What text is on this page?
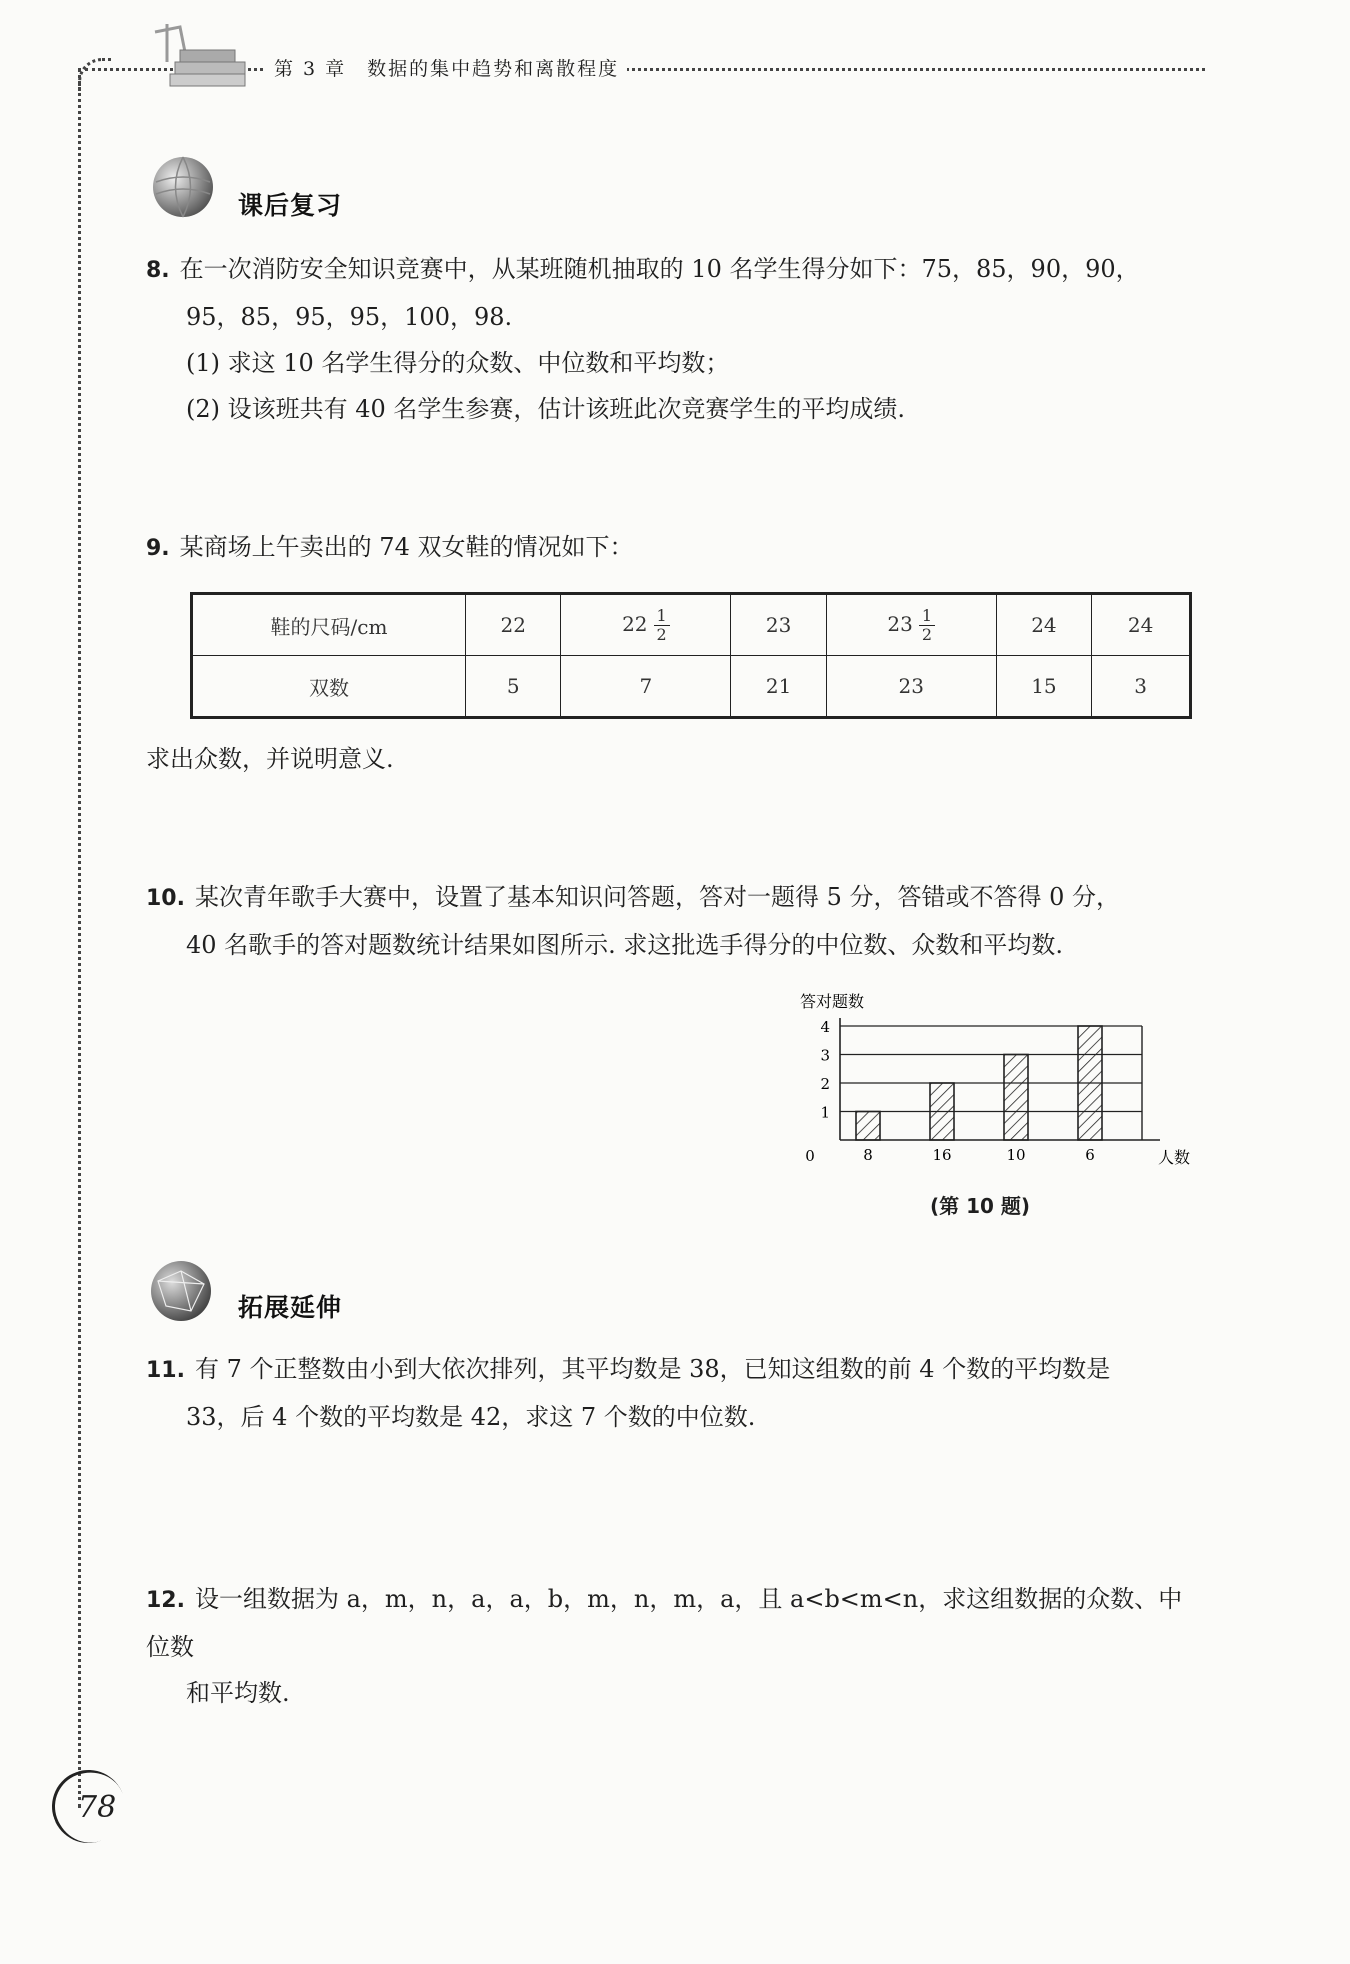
第 3 章　数据的集中趋势和离散程度
课后复习
8. 在一次消防安全知识竞赛中，从某班随机抽取的 10 名学生得分如下：75，85，90，90，
95，85，95，95，100，98.
(1) 求这 10 名学生得分的众数、中位数和平均数；
(2) 设该班共有 40 名学生参赛，估计该班此次竞赛学生的平均成绩.
9. 某商场上午卖出的 74 双女鞋的情况如下：
鞋的尺码/cm	22	$22 \frac{1}{2}$	23	$23 \frac{1}{2}$	24	24
双数	5	7	21	23	15	3
求出众数，并说明意义.
10. 某次青年歌手大赛中，设置了基本知识问答题，答对一题得 5 分，答错或不答得 0 分，
40 名歌手的答对题数统计结果如图所示. 求这批选手得分的中位数、众数和平均数.
答对题数
1
2
3
4
8	16	10	6
0	人数
(第 10 题)
拓展延伸
11. 有 7 个正整数由小到大依次排列，其平均数是 38，已知这组数的前 4 个数的平均数是
33，后 4 个数的平均数是 42，求这 7 个数的中位数.
12. 设一组数据为 a，m，n，a，a，b，m，n，m，a，且 a<b<m<n，求这组数据的众数、中位数
和平均数.
78
